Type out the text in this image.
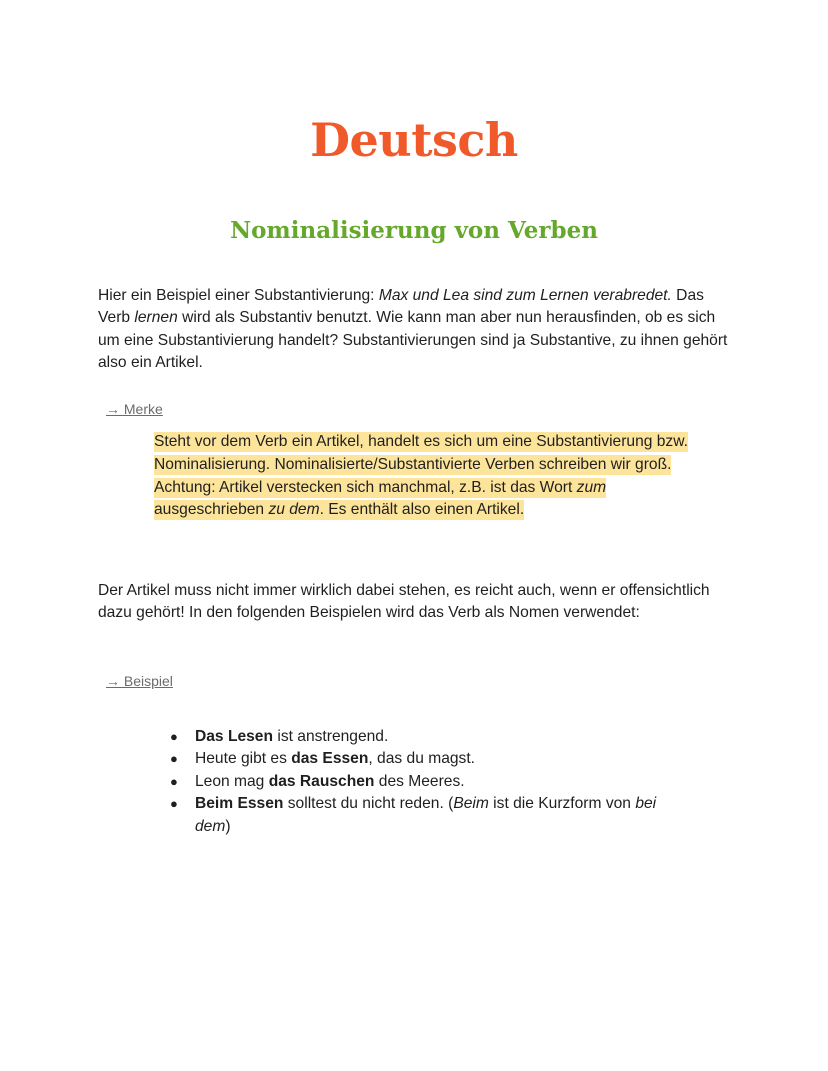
Deutsch
Nominalisierung von Verben

Hier ein Beispiel einer Substantivierung: Max und Lea sind zum Lernen verabredet. Das Verb lernen wird als Substantiv benutzt. Wie kann man aber nun herausfinden, ob es sich um eine Substantivierung handelt? Substantivierungen sind ja Substantive, zu ihnen gehört also ein Artikel.

→ Merke

Steht vor dem Verb ein Artikel, handelt es sich um eine Substantivierung bzw. Nominalisierung. Nominalisierte/Substantivierte Verben schreiben wir groß. Achtung: Artikel verstecken sich manchmal, z.B. ist das Wort zum ausgeschrieben zu dem. Es enthält also einen Artikel.

Der Artikel muss nicht immer wirklich dabei stehen, es reicht auch, wenn er offensichtlich dazu gehört! In den folgenden Beispielen wird das Verb als Nomen verwendet:

→ Beispiel
● Das Lesen ist anstrengend.
● Heute gibt es das Essen, das du magst.
● Leon mag das Rauschen des Meeres.
● Beim Essen solltest du nicht reden. (Beim ist die Kurzform von bei dem)
